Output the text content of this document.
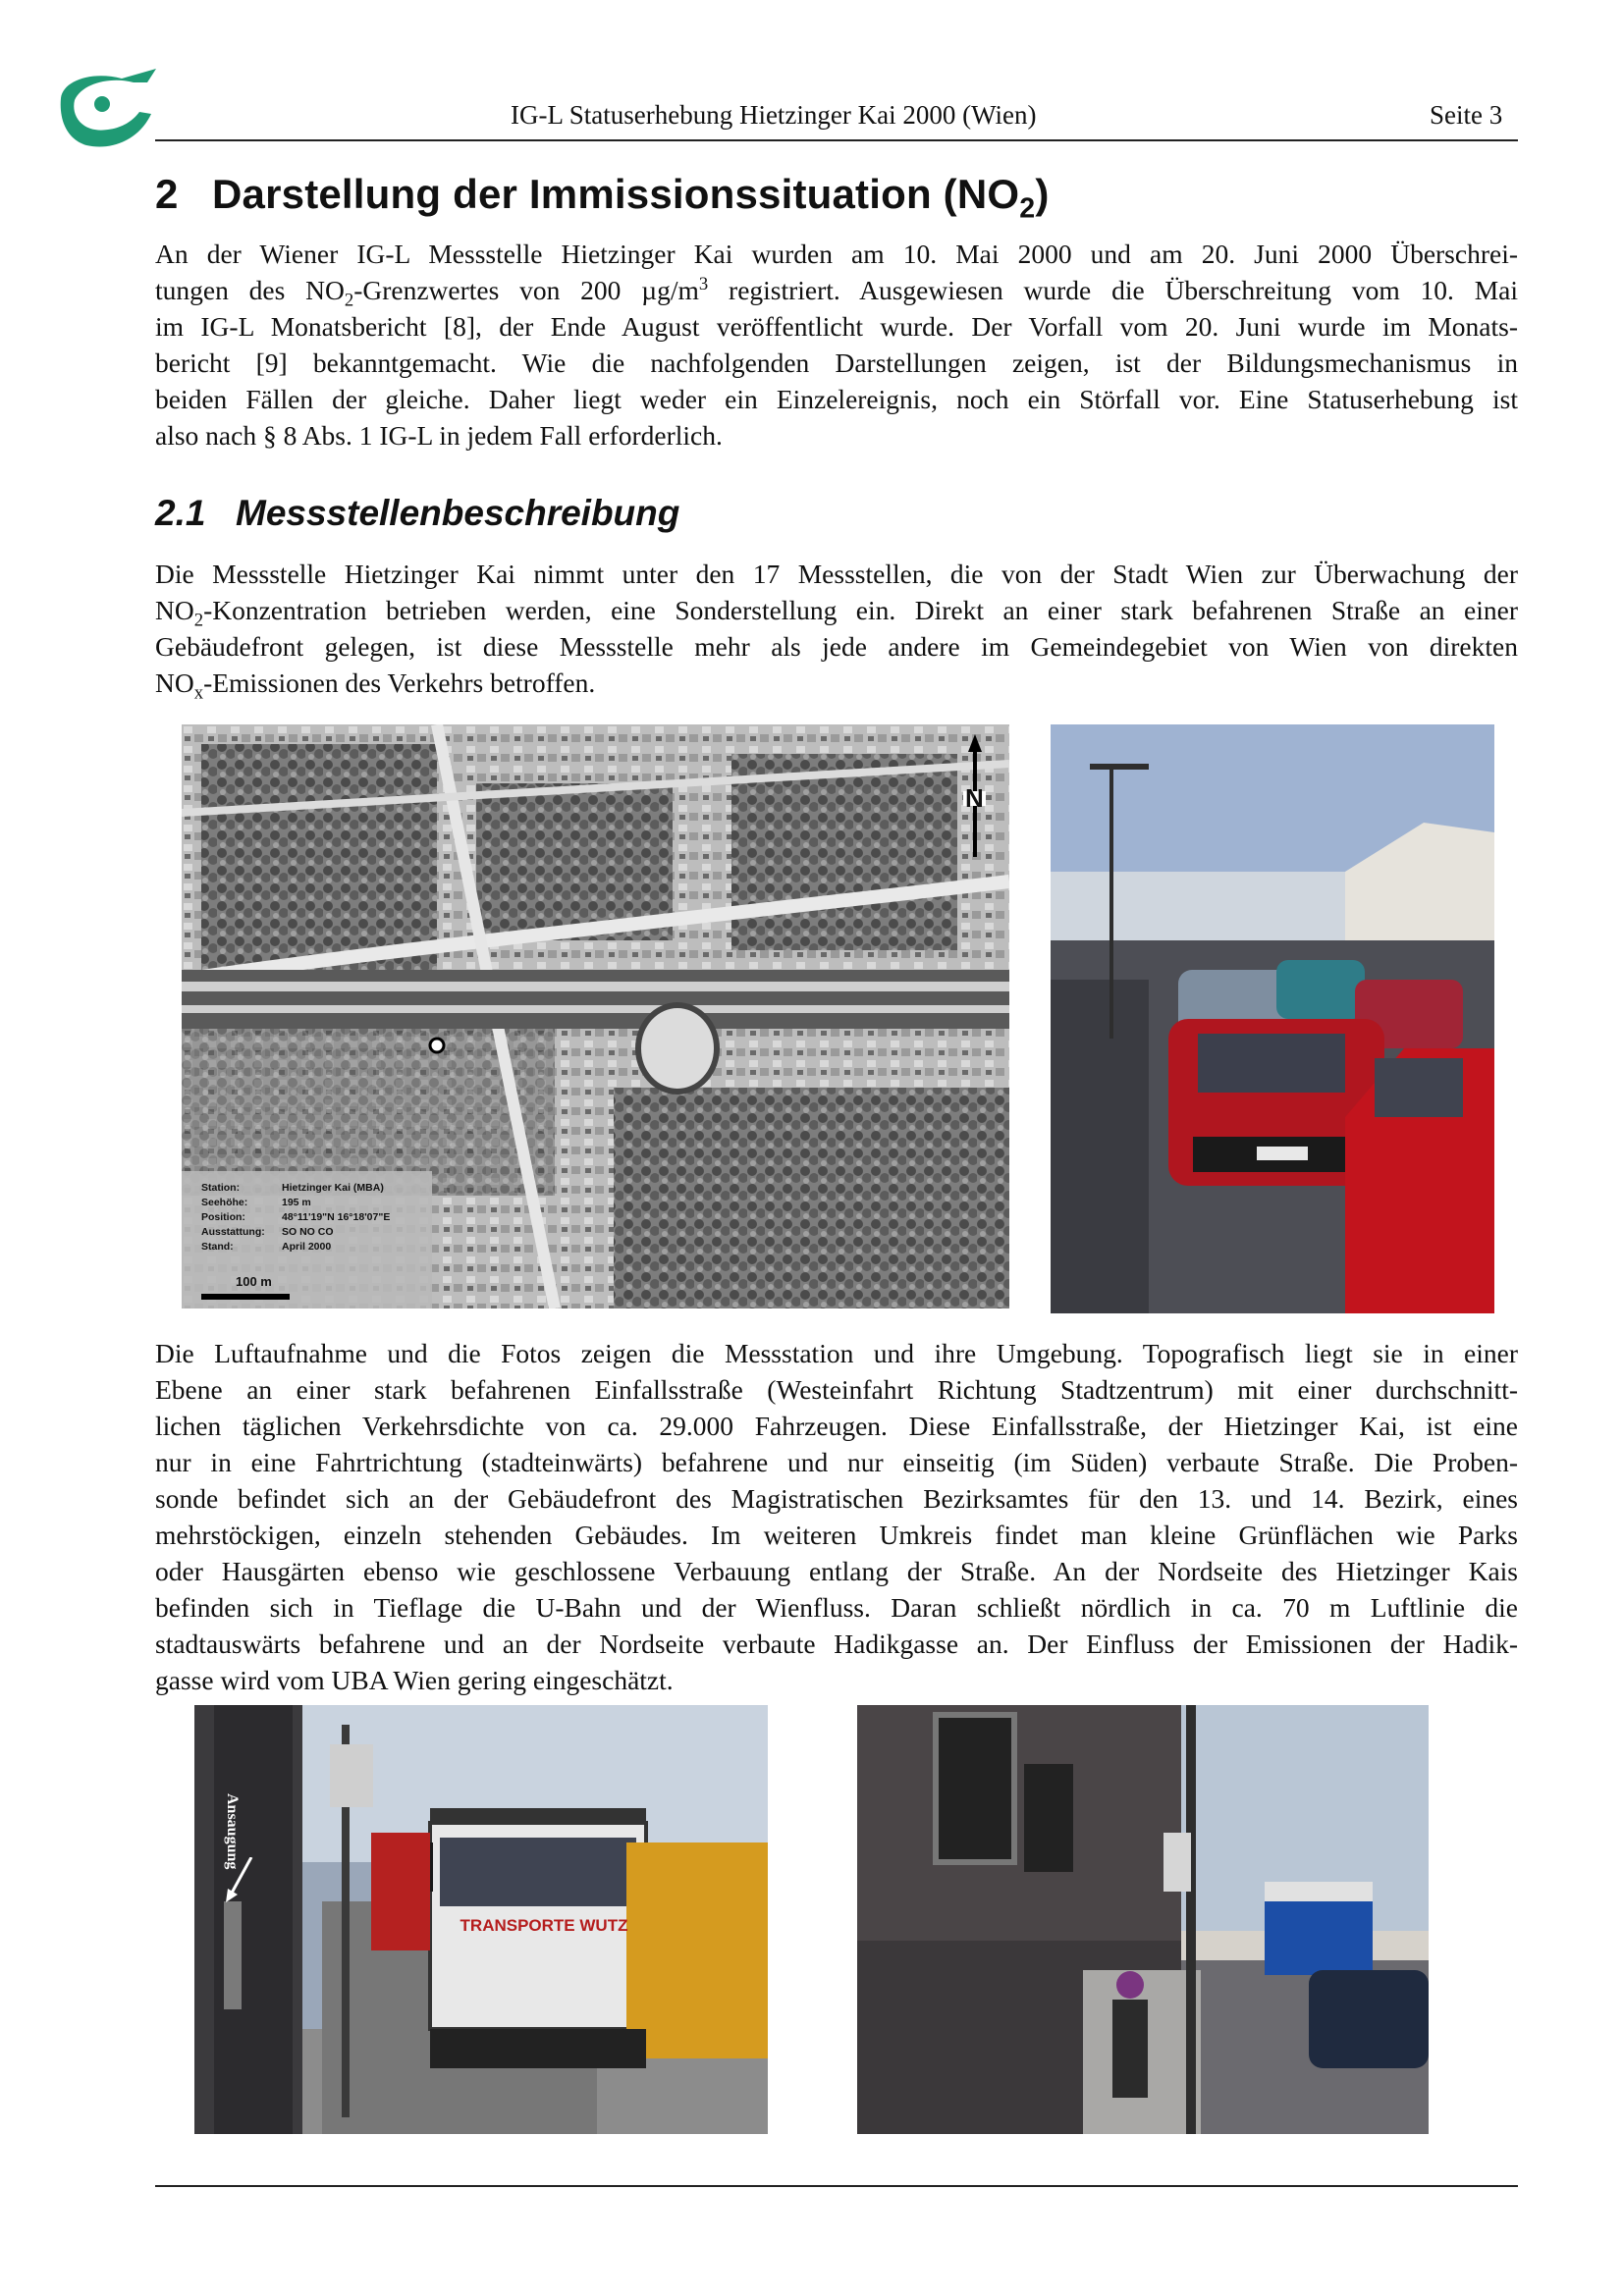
IG-L Statuserhebung Hietzinger Kai 2000 (Wien)	Seite 3
2 Darstellung der Immissionssituation $(NO_2)$

An der Wiener IG-L Messstelle Hietzinger Kai wurden am 10. Mai 2000 und am 20. Juni 2000 Überschrei-
tungen des $NO_2$-Grenzwertes von 200 $\mu g/m^3$ registriert. Ausgewiesen wurde die Überschreitung vom 10. Mai
im IG-L Monatsbericht [8], der Ende August veröffentlicht wurde. Der Vorfall vom 20. Juni wurde im Monats-
bericht [9] bekanntgemacht. Wie die nachfolgenden Darstellungen zeigen, ist der Bildungsmechanismus in
beiden Fällen der gleiche. Daher liegt weder ein Einzelereignis, noch ein Störfall vor. Eine Statuserhebung ist
also nach § 8 Abs. 1 IG-L in jedem Fall erforderlich.

2.1 Messstellenbeschreibung

Die Messstelle Hietzinger Kai nimmt unter den 17 Messstellen, die von der Stadt Wien zur Überwachung der
$NO_2$-Konzentration betrieben werden, eine Sonderstellung ein. Direkt an einer stark befahrenen Straße an einer
Gebäudefront gelegen, ist diese Messstelle mehr als jede andere im Gemeindegebiet von Wien von direkten
$NO_x$-Emissionen des Verkehrs betroffen.

Station:	Hietzinger Kai (MBA)
Seehöhe:	195 m
Position:	48°11'19"N 16°18'07"E
Ausstattung: SO NO CO
Stand:	April 2000
100 m
N

Die Luftaufnahme und die Fotos zeigen die Messstation und ihre Umgebung. Topografisch liegt sie in einer
Ebene an einer stark befahrenen Einfallsstraße (Westeinfahrt Richtung Stadtzentrum) mit einer durchschnitt-
lichen täglichen Verkehrsdichte von ca. 29.000 Fahrzeugen. Diese Einfallsstraße, der Hietzinger Kai, ist eine
nur in eine Fahrtrichtung (stadteinwärts) befahrene und nur einseitig (im Süden) verbaute Straße. Die Proben-
sonde befindet sich an der Gebäudefront des Magistratischen Bezirksamtes für den 13. und 14. Bezirk, eines
mehrstöckigen, einzeln stehenden Gebäudes. Im weiteren Umkreis findet man kleine Grünflächen wie Parks
oder Hausgärten ebenso wie geschlossene Verbauung entlang der Straße. An der Nordseite des Hietzinger Kais
befinden sich in Tieflage die U-Bahn und der Wienfluss. Daran schließt nördlich in ca. 70 m Luftlinie die
stadtauswärts befahrene und an der Nordseite verbaute Hadikgasse an. Der Einfluss der Emissionen der Hadik-
gasse wird vom UBA Wien gering eingeschätzt.

TRANSPORTE WUTZ
Ansaugung
